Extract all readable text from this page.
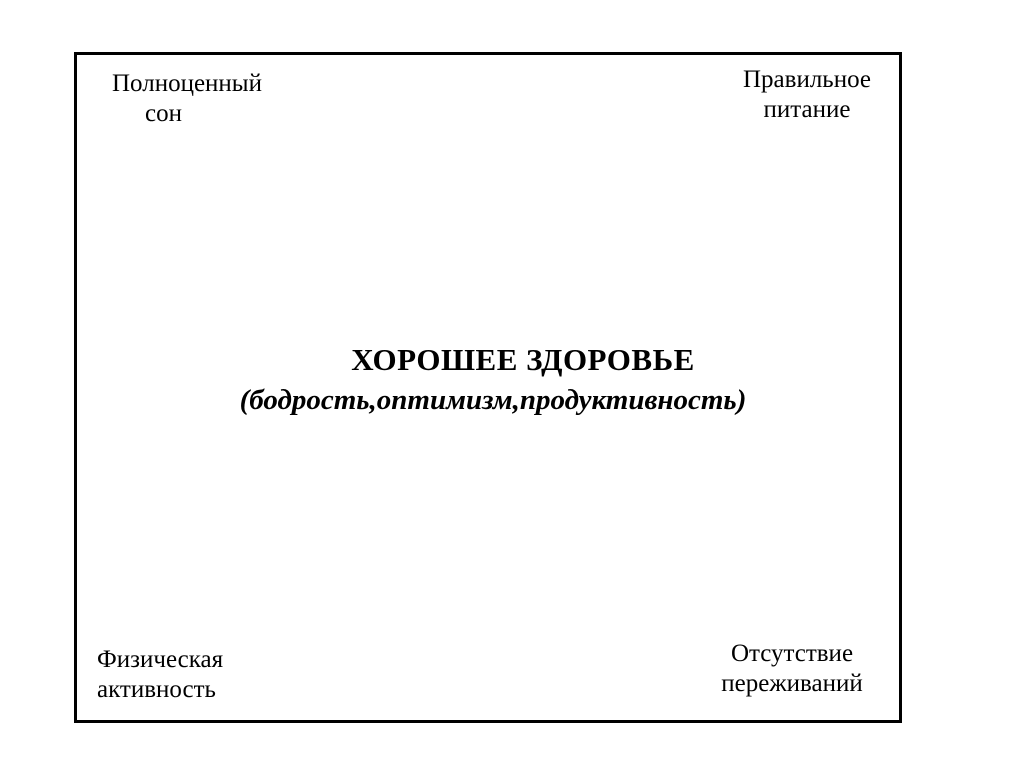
Полноценный
сон
Правильное
питание
ХОРОШЕЕ ЗДОРОВЬЕ
(бодрость,оптимизм,продуктивность)
Физическая
активность
Отсутствие
переживаний
